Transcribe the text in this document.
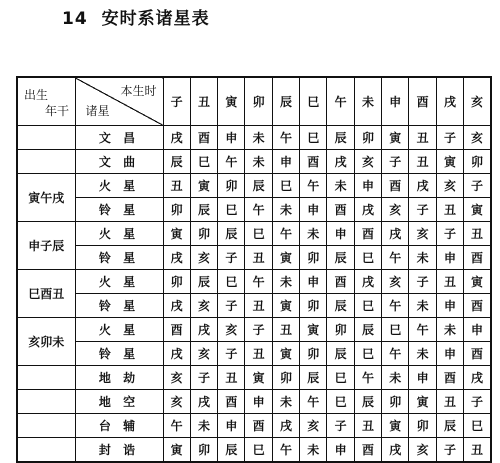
14 安时系诸星表
出生
年干	本生时
诸星	子	丑	寅	卯	辰	巳	午	未	申	酉	戌	亥
	文 昌	戌	酉	申	未	午	巳	辰	卯	寅	丑	子	亥
	文 曲	辰	巳	午	未	申	酉	戌	亥	子	丑	寅	卯
寅午戌	火 星	丑	寅	卯	辰	巳	午	未	申	酉	戌	亥	子
	铃 星	卯	辰	巳	午	未	申	酉	戌	亥	子	丑	寅
申子辰	火 星	寅	卯	辰	巳	午	未	申	酉	戌	亥	子	丑
	铃 星	戌	亥	子	丑	寅	卯	辰	巳	午	未	申	酉
巳酉丑	火 星	卯	辰	巳	午	未	申	酉	戌	亥	子	丑	寅
	铃 星	戌	亥	子	丑	寅	卯	辰	巳	午	未	申	酉
亥卯未	火 星	酉	戌	亥	子	丑	寅	卯	辰	巳	午	未	申
	铃 星	戌	亥	子	丑	寅	卯	辰	巳	午	未	申	酉
	地 劫	亥	子	丑	寅	卯	辰	巳	午	未	申	酉	戌
	地 空	亥	戌	酉	申	未	午	巳	辰	卯	寅	丑	子
	台 辅	午	未	申	酉	戌	亥	子	丑	寅	卯	辰	巳
	封 诰	寅	卯	辰	巳	午	未	申	酉	戌	亥	子	丑
